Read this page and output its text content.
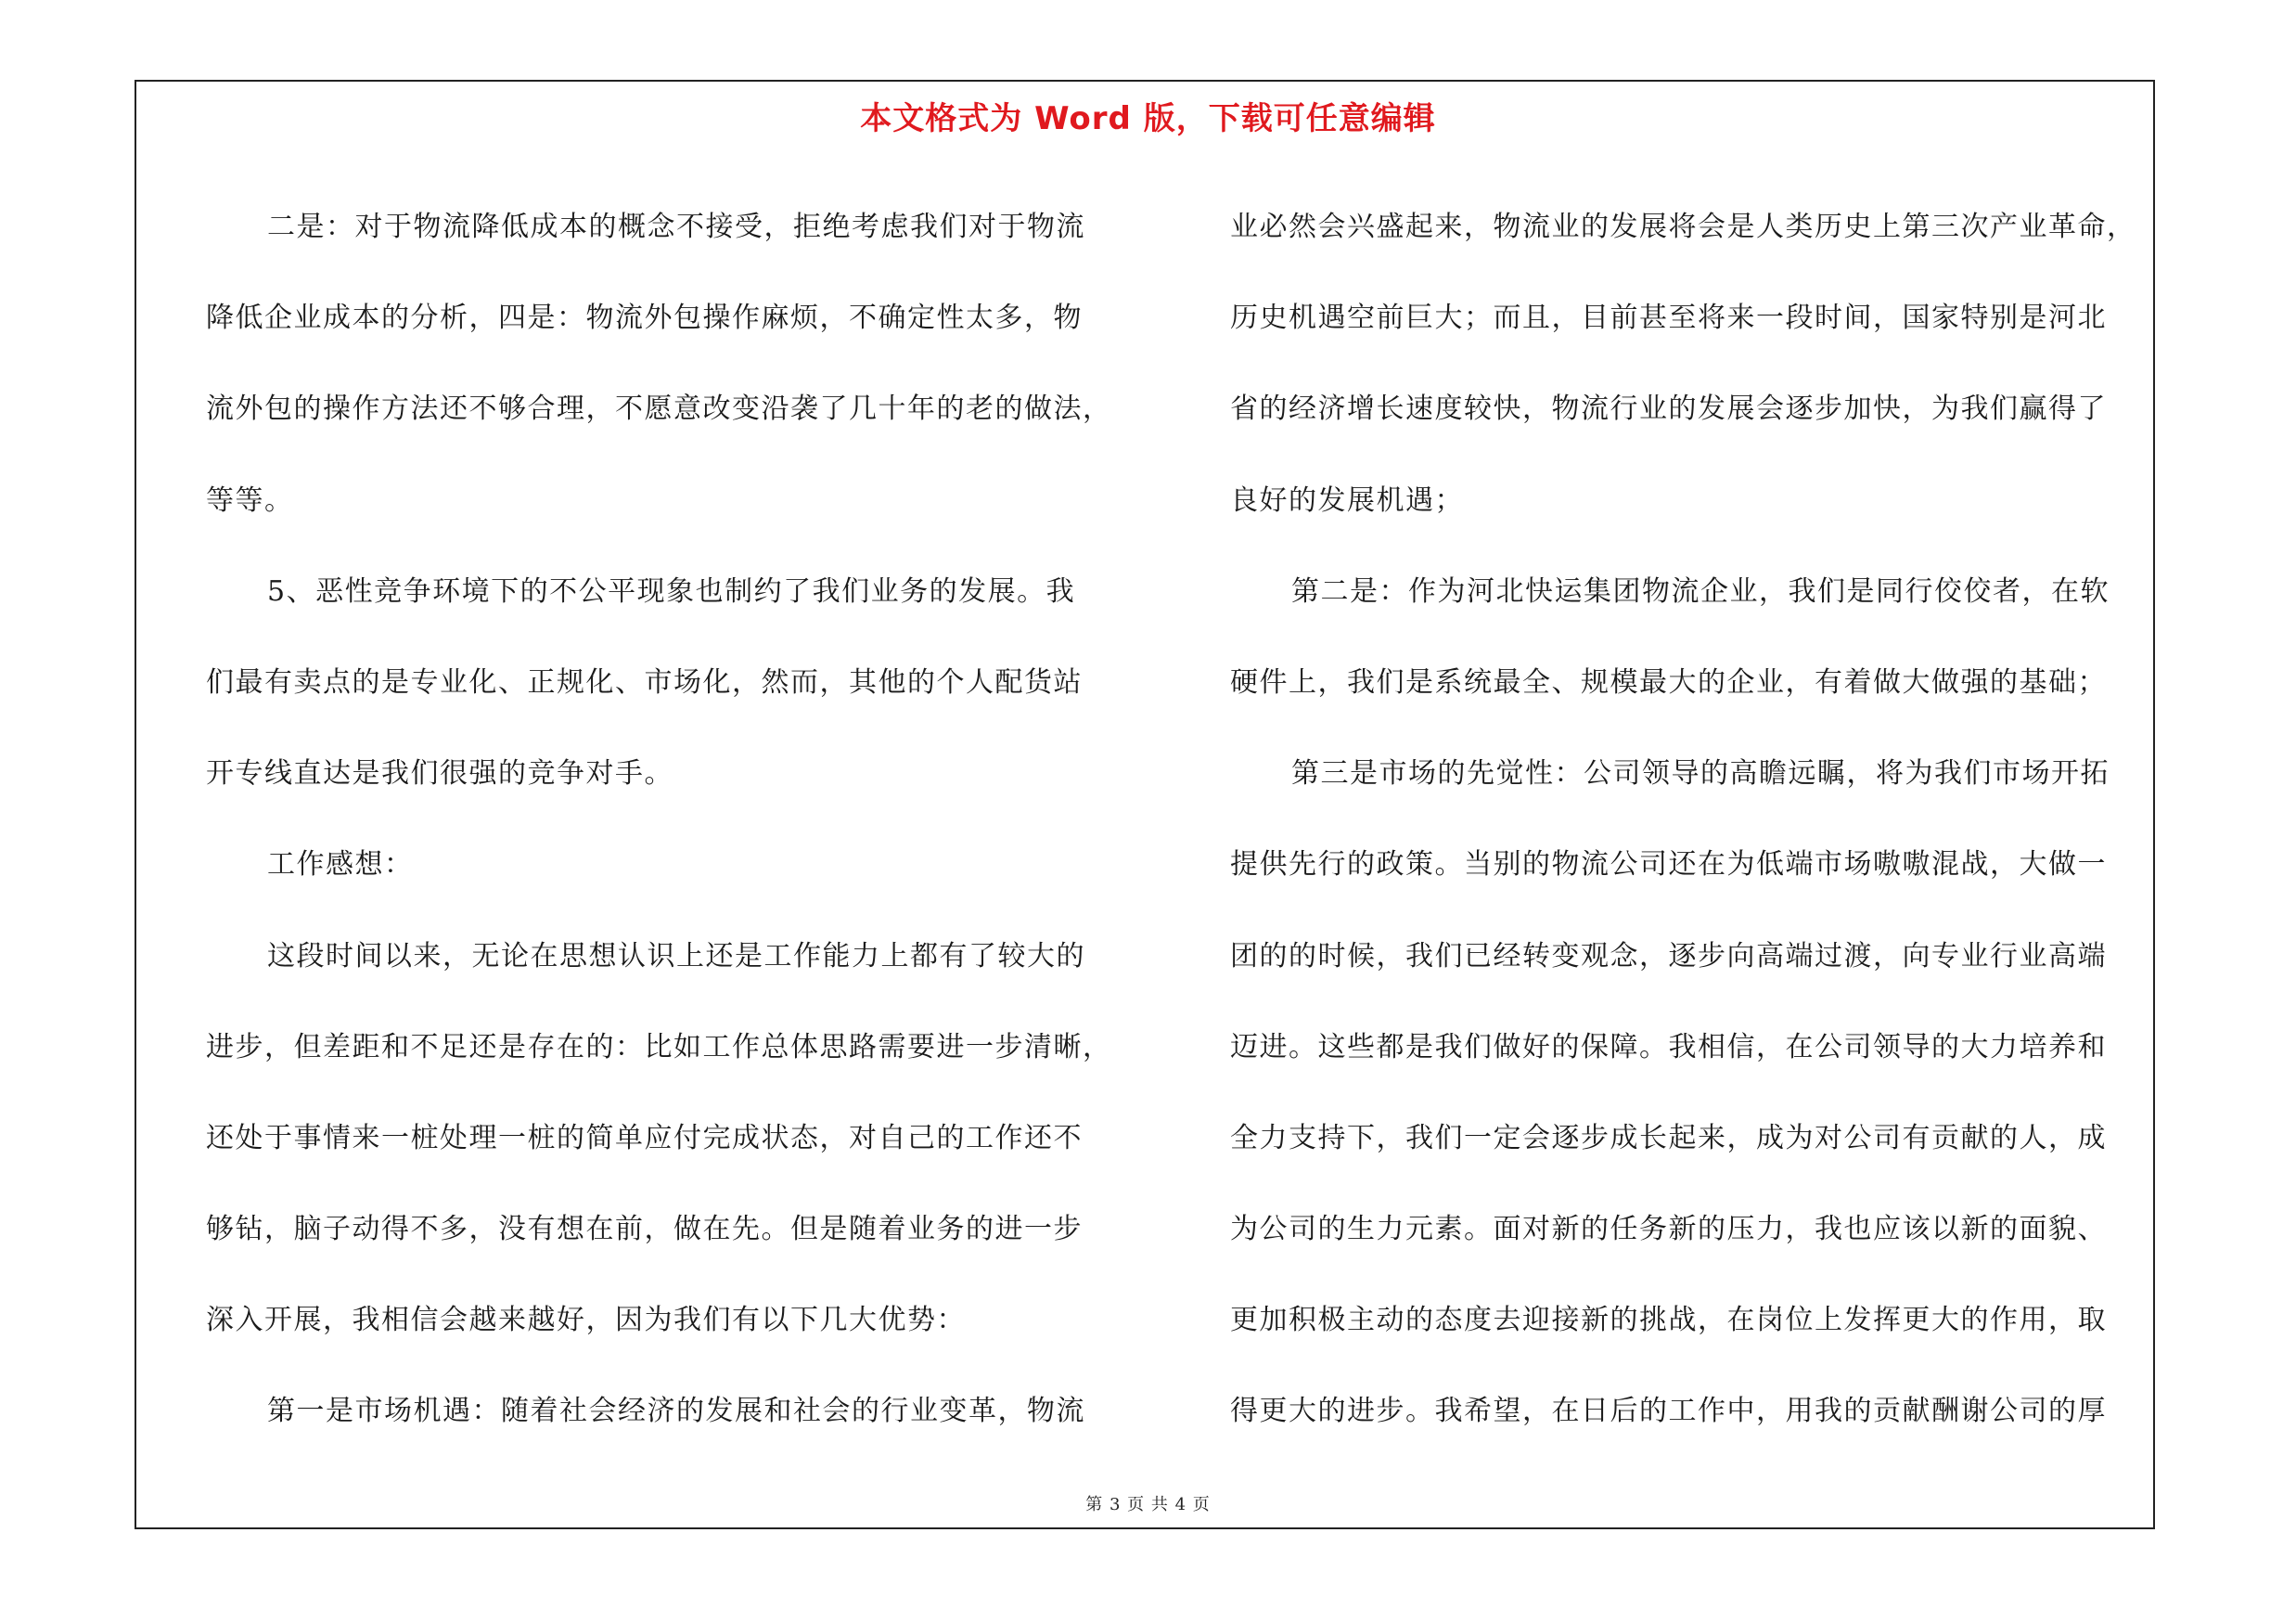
本文格式为 Word 版，下载可任意编辑
二是：对于物流降低成本的概念不接受，拒绝考虑我们对于物流
降低企业成本的分析，四是：物流外包操作麻烦，不确定性太多，物
流外包的操作方法还不够合理，不愿意改变沿袭了几十年的老的做法，
等等。
5、恶性竞争环境下的不公平现象也制约了我们业务的发展。我
们最有卖点的是专业化、正规化、市场化，然而，其他的个人配货站
开专线直达是我们很强的竞争对手。
工作感想：
这段时间以来，无论在思想认识上还是工作能力上都有了较大的
进步，但差距和不足还是存在的：比如工作总体思路需要进一步清晰，
还处于事情来一桩处理一桩的简单应付完成状态，对自己的工作还不
够钻，脑子动得不多，没有想在前，做在先。但是随着业务的进一步
深入开展，我相信会越来越好，因为我们有以下几大优势：
第一是市场机遇：随着社会经济的发展和社会的行业变革，物流
业必然会兴盛起来，物流业的发展将会是人类历史上第三次产业革命，
历史机遇空前巨大；而且，目前甚至将来一段时间，国家特别是河北
省的经济增长速度较快，物流行业的发展会逐步加快，为我们赢得了
良好的发展机遇；
第二是：作为河北快运集团物流企业，我们是同行佼佼者，在软
硬件上，我们是系统最全、规模最大的企业，有着做大做强的基础；
第三是市场的先觉性：公司领导的高瞻远瞩，将为我们市场开拓
提供先行的政策。当别的物流公司还在为低端市场嗷嗷混战，大做一
团的的时候，我们已经转变观念，逐步向高端过渡，向专业行业高端
迈进。这些都是我们做好的保障。我相信，在公司领导的大力培养和
全力支持下，我们一定会逐步成长起来，成为对公司有贡献的人，成
为公司的生力元素。面对新的任务新的压力，我也应该以新的面貌、
更加积极主动的态度去迎接新的挑战，在岗位上发挥更大的作用，取
得更大的进步。我希望，在日后的工作中，用我的贡献酬谢公司的厚
第 3 页 共 4 页
